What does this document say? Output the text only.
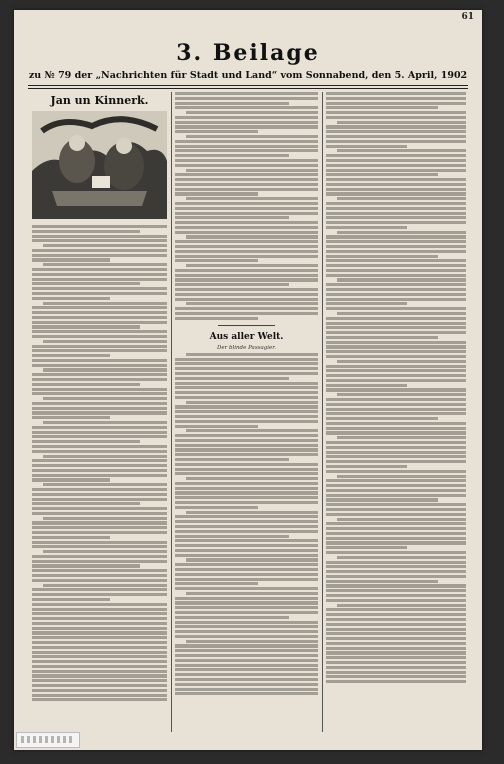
61
3. Beilage
zu № 79 der „Nachrichten für Stadt und Land“ vom Sonnabend, den 5. April, 1902
Jan un Kinnerk.
Aus aller Welt.
Der blinde Passagier.
